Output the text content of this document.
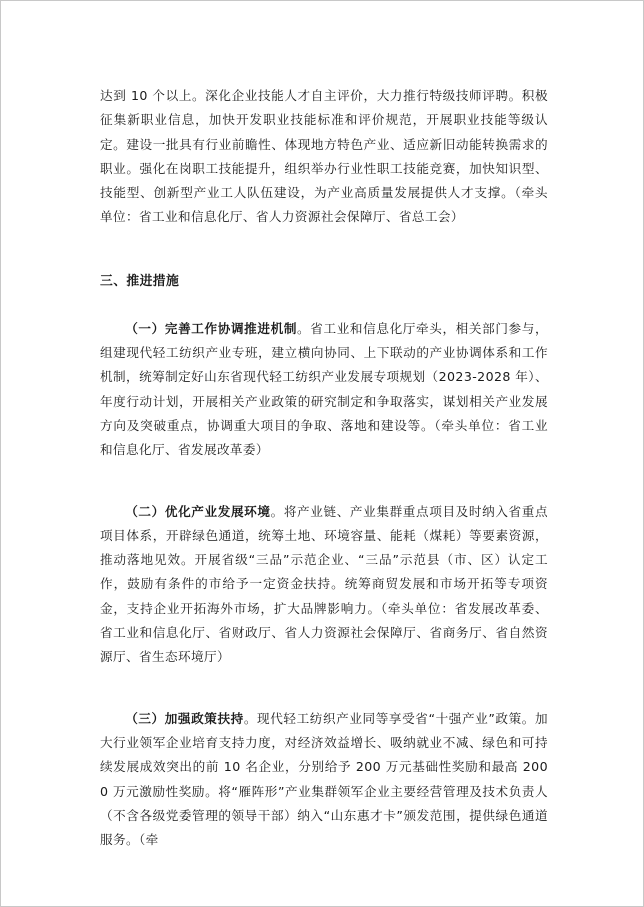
达到 10 个以上。深化企业技能人才自主评价，大力推行特级技师评聘。积极征集新职业信息，加快开发职业技能标准和评价规范，开展职业技能等级认定。建设一批具有行业前瞻性、体现地方特色产业、适应新旧动能转换需求的职业。强化在岗职工技能提升，组织举办行业性职工技能竞赛，加快知识型、技能型、创新型产业工人队伍建设，为产业高质量发展提供人才支撑。（牵头单位：省工业和信息化厅、省人力资源社会保障厅、省总工会）

三、推进措施

（一）完善工作协调推进机制。省工业和信息化厅牵头，相关部门参与，组建现代轻工纺织产业专班，建立横向协同、上下联动的产业协调体系和工作机制，统筹制定好山东省现代轻工纺织产业发展专项规划（2023-2028 年）、年度行动计划，开展相关产业政策的研究制定和争取落实，谋划相关产业发展方向及突破重点，协调重大项目的争取、落地和建设等。（牵头单位：省工业和信息化厅、省发展改革委）

（二）优化产业发展环境。将产业链、产业集群重点项目及时纳入省重点项目体系，开辟绿色通道，统筹土地、环境容量、能耗（煤耗）等要素资源，推动落地见效。开展省级“三品”示范企业、“三品”示范县（市、区）认定工作，鼓励有条件的市给予一定资金扶持。统筹商贸发展和市场开拓等专项资金，支持企业开拓海外市场，扩大品牌影响力。（牵头单位：省发展改革委、省工业和信息化厅、省财政厅、省人力资源社会保障厅、省商务厅、省自然资源厅、省生态环境厅）

（三）加强政策扶持。现代轻工纺织产业同等享受省“十强产业”政策。加大行业领军企业培育支持力度，对经济效益增长、吸纳就业不减、绿色和可持续发展成效突出的前 10 名企业，分别给予 200 万元基础性奖励和最高 2000 万元激励性奖励。将“雁阵形”产业集群领军企业主要经营管理及技术负责人（不含各级党委管理的领导干部）纳入“山东惠才卡”颁发范围，提供绿色通道服务。（牵
